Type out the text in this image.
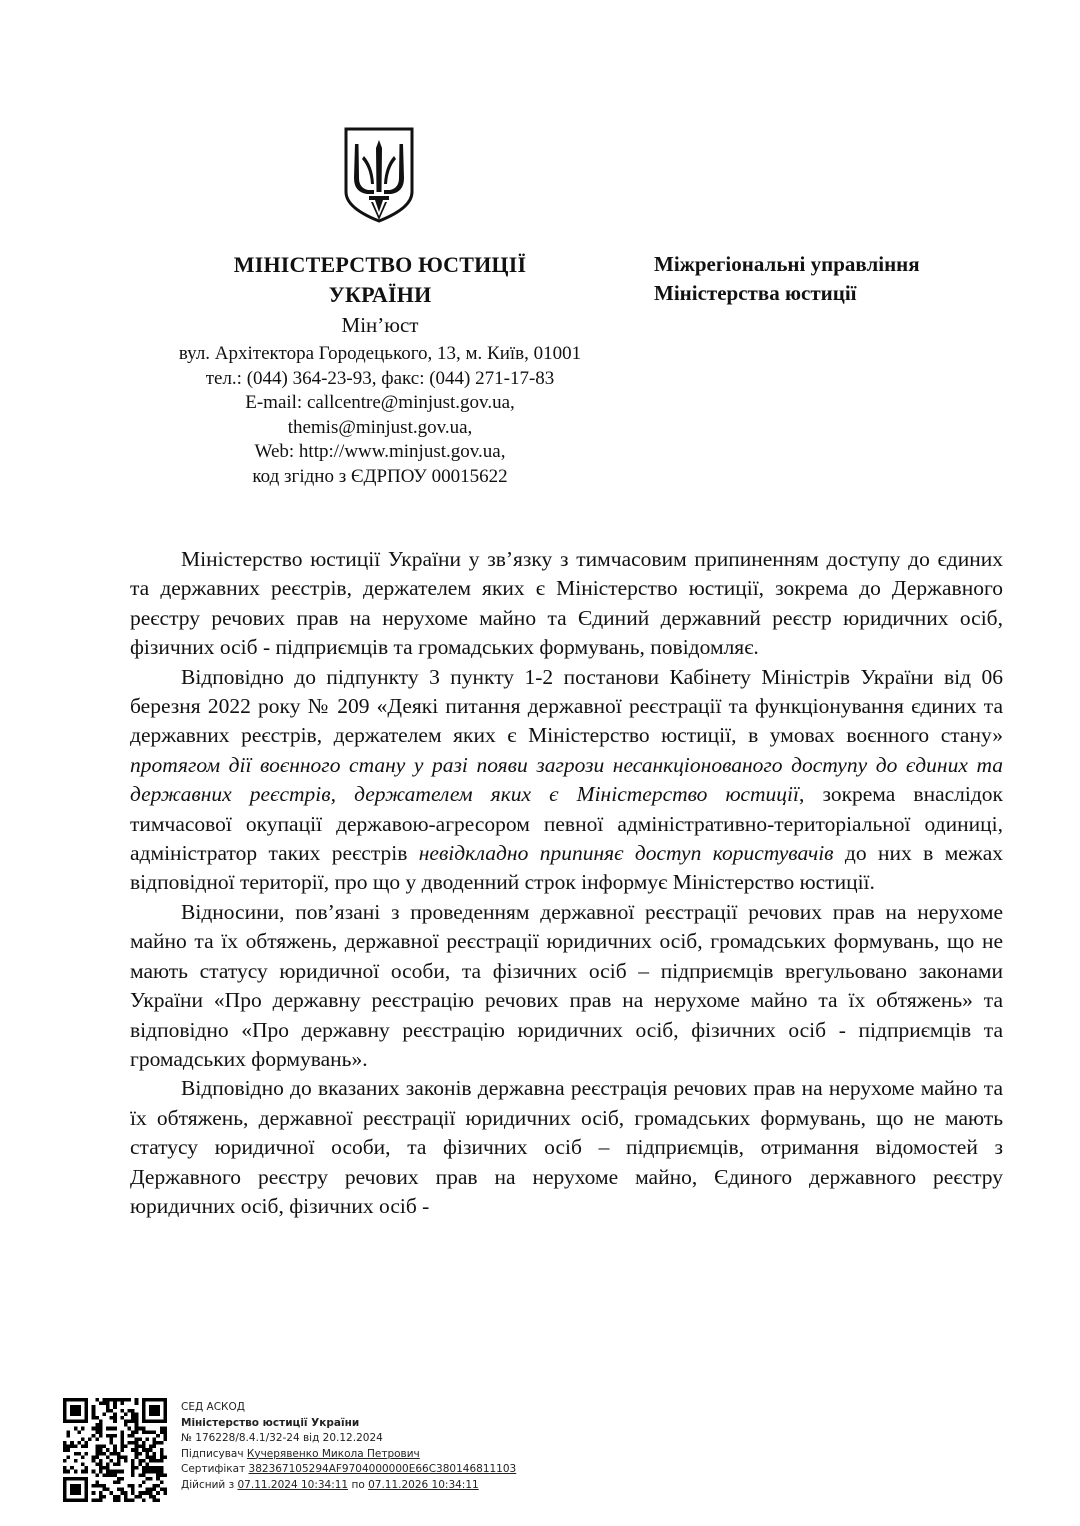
МІНІСТЕРСТВО ЮСТИЦІЇ
УКРАЇНИ
Мін’юст
вул. Архітектора Городецького, 13, м. Київ, 01001
тел.: (044) 364-23-93, факс: (044) 271-17-83
E-mail: callcentre@minjust.gov.ua,
themis@minjust.gov.ua,
Web: http://www.minjust.gov.ua,
код згідно з ЄДРПОУ 00015622
Міжрегіональні управління
Міністерства юстиції

Міністерство юстиції України у зв’язку з тимчасовим припиненням доступу до єдиних та державних реєстрів, держателем яких є Міністерство юстиції, зокрема до Державного реєстру речових прав на нерухоме майно та Єдиний державний реєстр юридичних осіб, фізичних осіб - підприємців та громадських формувань, повідомляє.

Відповідно до підпункту 3 пункту 1-2 постанови Кабінету Міністрів України від 06 березня 2022 року № 209 «Деякі питання державної реєстрації та функціонування єдиних та державних реєстрів, держателем яких є Міністерство юстиції, в умовах воєнного стану» протягом дії воєнного стану у разі появи загрози несанкціонованого доступу до єдиних та державних реєстрів, держателем яких є Міністерство юстиції, зокрема внаслідок тимчасової окупації державою-агресором певної адміністративно-територіальної одиниці, адміністратор таких реєстрів невідкладно припиняє доступ користувачів до них в межах відповідної території, про що у дводенний строк інформує Міністерство юстиції.

Відносини, пов’язані з проведенням державної реєстрації речових прав на нерухоме майно та їх обтяжень, державної реєстрації юридичних осіб, громадських формувань, що не мають статусу юридичної особи, та фізичних осіб – підприємців врегульовано законами України «Про державну реєстрацію речових прав на нерухоме майно та їх обтяжень» та відповідно «Про державну реєстрацію юридичних осіб, фізичних осіб - підприємців та громадських формувань».

Відповідно до вказаних законів державна реєстрація речових прав на нерухоме майно та їх обтяжень, державної реєстрації юридичних осіб, громадських формувань, що не мають статусу юридичної особи, та фізичних осіб – підприємців, отримання відомостей з Державного реєстру речових прав на нерухоме майно, Єдиного державного реєстру юридичних осіб, фізичних осіб -

СЕД АСКОД
Міністерство юстиції України
№ 176228/8.4.1/32-24 від 20.12.2024
Підписувач Кучерявенко Микола Петрович
Сертифікат 382367105294AF9704000000E66C380146811103
Дійсний з 07.11.2024 10:34:11 по 07.11.2026 10:34:11
